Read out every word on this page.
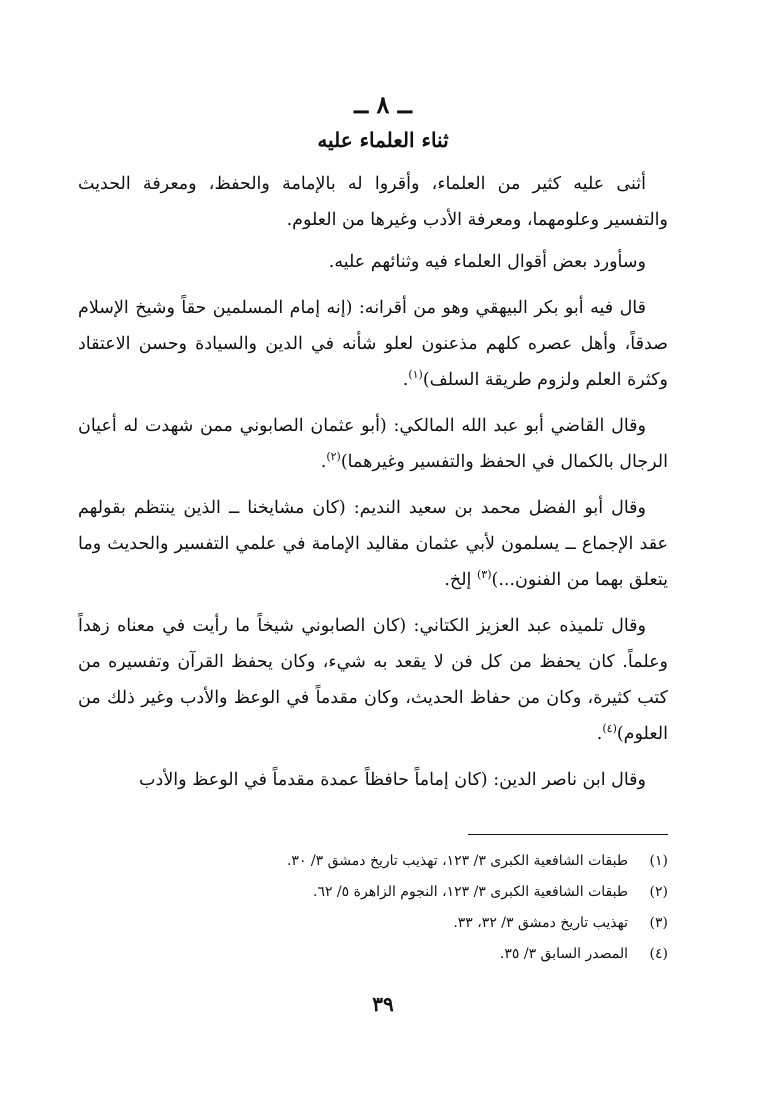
ــ ٨ ــ
ثناء العلماء عليه

أثنى عليه كثير من العلماء، وأقروا له بالإمامة والحفظ، ومعرفة الحديث والتفسير وعلومهما، ومعرفة الأدب وغيرها من العلوم.

وسأورد بعض أقوال العلماء فيه وثنائهم عليه.

قال فيه أبو بكر البيهقي وهو من أقرانه: (إنه إمام المسلمين حقاً وشيخ الإسلام صدقاً، وأهل عصره كلهم مذعنون لعلو شأنه في الدين والسيادة وحسن الاعتقاد وكثرة العلم ولزوم طريقة السلف)$^{(١)}$.

وقال القاضي أبو عبد الله المالكي: (أبو عثمان الصابوني ممن شهدت له أعيان الرجال بالكمال في الحفظ والتفسير وغيرهما)$^{(٢)}$.

وقال أبو الفضل محمد بن سعيد النديم: (كان مشايخنا ــ الذين ينتظم بقولهم عقد الإجماع ــ يسلمون لأبي عثمان مقاليد الإمامة في علمي التفسير والحديث وما يتعلق بهما من الفنون...)$^{(٣)}$ إلخ.

وقال تلميذه عبد العزيز الكتاني: (كان الصابوني شيخاً ما رأيت في معناه زهداً وعلماً. كان يحفظ من كل فن لا يقعد به شيء، وكان يحفظ القرآن وتفسيره من كتب كثيرة، وكان من حفاظ الحديث، وكان مقدماً في الوعظ والأدب وغير ذلك من العلوم)$^{(٤)}$.

وقال ابن ناصر الدين: (كان إماماً حافظاً عمدة مقدماً في الوعظ والأدب

(١)
طبقات الشافعية الكبرى ٣/ ١٢٣، تهذيب تاريخ دمشق ٣/ ٣٠.
(٢)
طبقات الشافعية الكبرى ٣/ ١٢٣، النجوم الزاهرة ٥/ ٦٢.
(٣)
تهذيب تاريخ دمشق ٣/ ٣٢، ٣٣.
(٤)
المصدر السابق ٣/ ٣٥.
٣٩
